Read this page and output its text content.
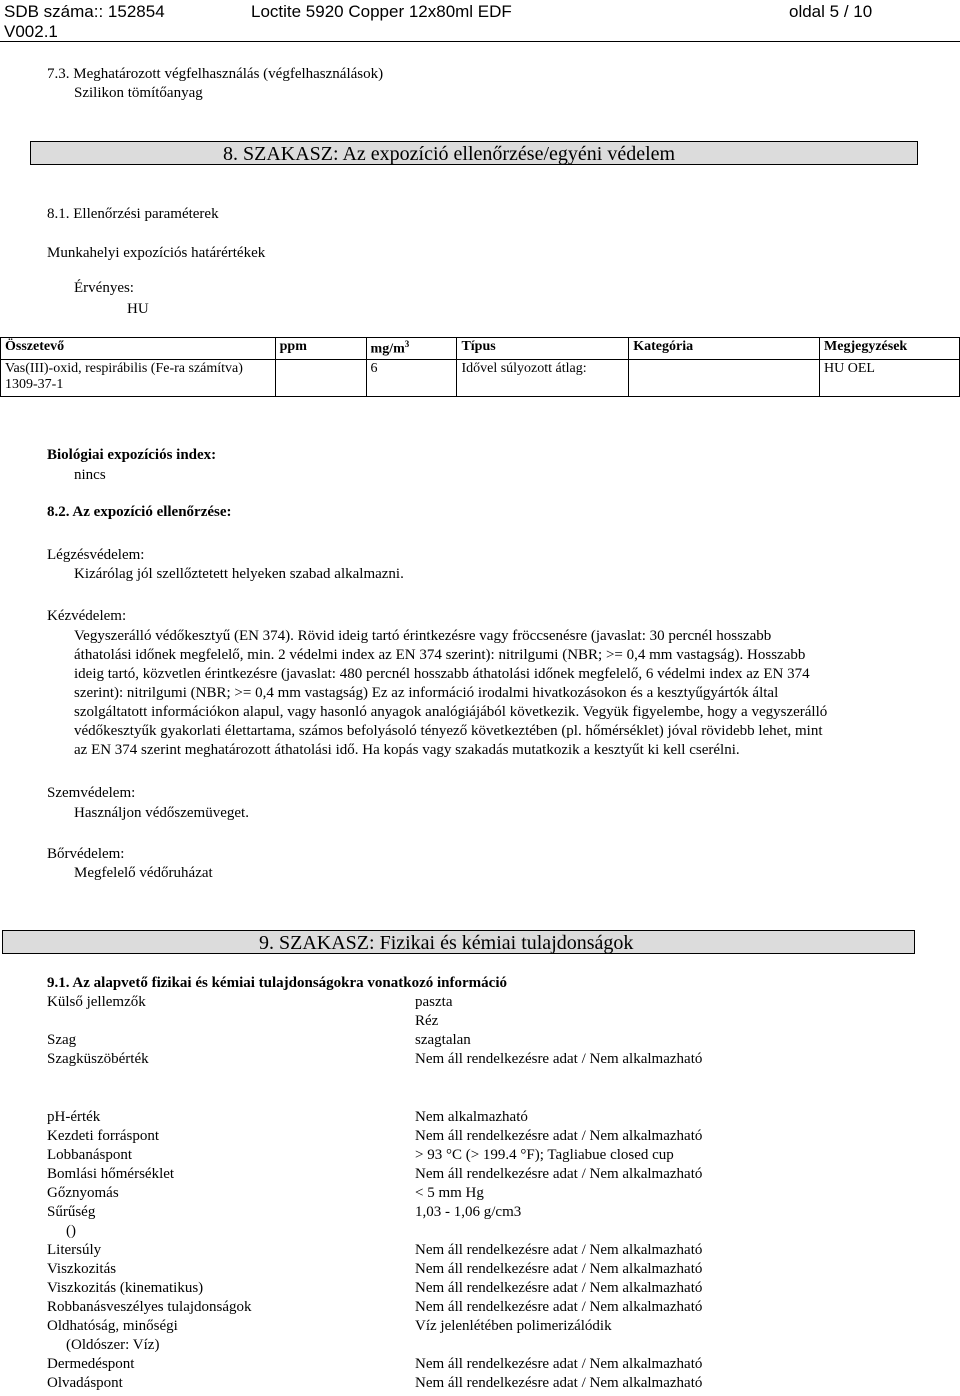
SDB száma:: 152854	Loctite 5920 Copper 12x80ml EDF	oldal 5 / 10
V002.1
7.3. Meghatározott végfelhasználás (végfelhasználások)
Szilikon tömítőanyag
8. SZAKASZ: Az expozíció ellenőrzése/egyéni védelem
8.1. Ellenőrzési paraméterek
Munkahelyi expozíciós határértékek
Érvényes:
HU
Összetevő	ppm	$mg/m^3$	Típus	Kategória	Megjegyzések

Vas(III)-oxid, respirábilis (Fe-ra számítva)
1309-37-1		6	Idővel súlyozott átlag:		HU OEL
Biológiai expozíciós index:
nincs
8.2. Az expozíció ellenőrzése:
Légzésvédelem:
Kizárólag jól szellőztetett helyeken szabad alkalmazni.
Kézvédelem:
Vegyszerálló védőkesztyű (EN 374). Rövid ideig tartó érintkezésre vagy fröccsenésre (javaslat: 30 percnél hosszabb
áthatolási időnek megfelelő, min. 2 védelmi index az EN 374 szerint): nitrilgumi (NBR; >= 0,4 mm vastagság). Hosszabb
ideig tartó, közvetlen érintkezésre (javaslat: 480 percnél hosszabb áthatolási időnek megfelelő, 6 védelmi index az EN 374
szerint): nitrilgumi (NBR; >= 0,4 mm vastagság) Ez az információ irodalmi hivatkozásokon és a kesztyűgyártók által
szolgáltatott információkon alapul, vagy hasonló anyagok analógiájából következik. Vegyük figyelembe, hogy a vegyszerálló
védőkesztyűk gyakorlati élettartama, számos befolyásoló tényező következtében (pl. hőmérséklet) jóval rövidebb lehet, mint
az EN 374 szerint meghatározott áthatolási idő. Ha kopás vagy szakadás mutatkozik a kesztyűt ki kell cserélni.
Szemvédelem:
Használjon védőszemüveget.
Bőrvédelem:
Megfelelő védőruházat
9. SZAKASZ: Fizikai és kémiai tulajdonságok
9.1. Az alapvető fizikai és kémiai tulajdonságokra vonatkozó információ
Külső jellemzők	paszta
Réz
Szag	szagtalan
Szagküszöbérték	Nem áll rendelkezésre adat / Nem alkalmazható
pH-érték	Nem alkalmazható
Kezdeti forráspont	Nem áll rendelkezésre adat / Nem alkalmazható
Lobbanáspont	> 93 °C (> 199.4 °F); Tagliabue closed cup
Bomlási hőmérséklet	Nem áll rendelkezésre adat / Nem alkalmazható
Gőznyomás	< 5 mm Hg
Sűrűség	1,03 - 1,06 g/cm3
()
Litersúly	Nem áll rendelkezésre adat / Nem alkalmazható
Viszkozitás	Nem áll rendelkezésre adat / Nem alkalmazható
Viszkozitás (kinematikus)	Nem áll rendelkezésre adat / Nem alkalmazható
Robbanásveszélyes tulajdonságok	Nem áll rendelkezésre adat / Nem alkalmazható
Oldhatóság, minőségi	Víz jelenlétében polimerizálódik
(Oldószer: Víz)
Dermedéspont	Nem áll rendelkezésre adat / Nem alkalmazható
Olvadáspont	Nem áll rendelkezésre adat / Nem alkalmazható
